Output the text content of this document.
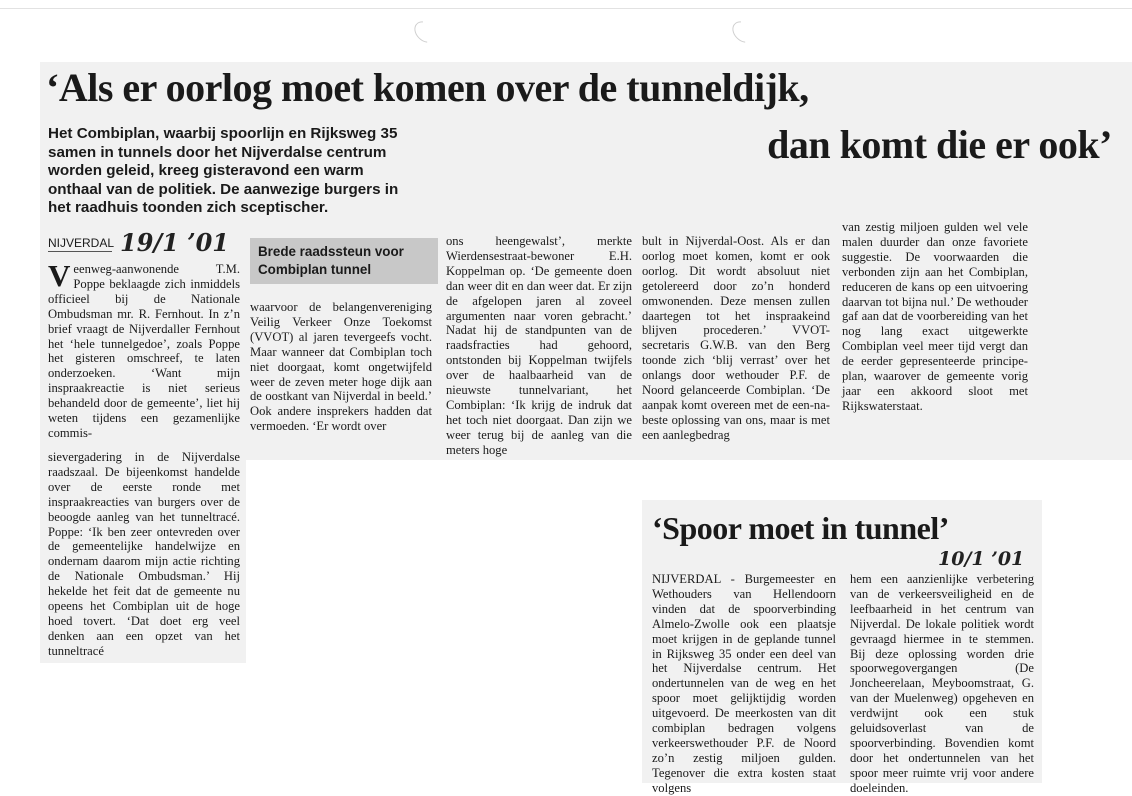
‘Als er oorlog moet komen over de tunneldijk,
dan komt die er ook’
Het Combiplan, waarbij spoorlijn en Rijksweg 35 samen in tunnels door het Nijverdalse centrum worden geleid, kreeg gisteravond een warm onthaal van de politiek. De aanwezige burgers in het raadhuis toonden zich sceptischer.
NIJVERDAL 19/1 ’01
Veenweg-aanwonende T.M. Poppe beklaagde zich inmiddels officieel bij de Nationale Ombudsman mr. R. Fernhout. In z’n brief vraagt de Nijverdaller Fernhout het ‘hele tunnelgedoe’, zoals Poppe het gisteren omschreef, te laten onderzoeken. ‘Want mijn inspraakreactie is niet serieus behandeld door de gemeente’, liet hij weten tijdens een gezamenlijke commis-
sievergadering in de Nijverdalse raadszaal. De bijeenkomst handelde over de eerste ronde met inspraakreacties van burgers over de beoogde aanleg van het tunneltracé. Poppe: ‘Ik ben zeer ontevreden over de gemeentelijke handelwijze en ondernam daarom mijn actie richting de Nationale Ombudsman.’ Hij hekelde het feit dat de gemeente nu opeens het Combiplan uit de hoge hoed tovert. ‘Dat doet erg veel denken aan een opzet van het tunneltracé
Brede raadssteun voor Combiplan tunnel
waarvoor de belangenvereniging Veilig Verkeer Onze Toekomst (VVOT) al jaren tevergeefs vocht. Maar wanneer dat Combiplan toch niet doorgaat, komt ongetwijfeld weer de zeven meter hoge dijk aan de oostkant van Nijverdal in beeld.’ Ook andere insprekers hadden dat vermoeden. ‘Er wordt over
ons heengewalst’, merkte Wierdensestraat-bewoner E.H. Koppelman op. ‘De gemeente doen dan weer dit en dan weer dat. Er zijn de afgelopen jaren al zoveel argumenten naar voren gebracht.’ Nadat hij de standpunten van de raadsfracties had gehoord, ontstonden bij Koppelman twijfels over de haalbaarheid van de nieuwste tunnelvariant, het Combiplan: ‘Ik krijg de indruk dat het toch niet doorgaat. Dan zijn we weer terug bij de aanleg van die meters hoge
bult in Nijverdal-Oost. Als er dan oorlog moet komen, komt er ook oorlog. Dit wordt absoluut niet getolereerd door zo’n honderd omwonenden. Deze mensen zullen daartegen tot het inspraakeind blijven procederen.’ VVOT-secretaris G.W.B. van den Berg toonde zich ‘blij verrast’ over het onlangs door wethouder P.F. de Noord gelanceerde Combiplan. ‘De aanpak komt overeen met de een-na-beste oplossing van ons, maar is met een aanlegbedrag
van zestig miljoen gulden wel vele malen duurder dan onze favoriete suggestie. De voorwaarden die verbonden zijn aan het Combiplan, reduceren de kans op een uitvoering daarvan tot bijna nul.’ De wethouder gaf aan dat de voorbereiding van het nog lang exact uitgewerkte Combiplan veel meer tijd vergt dan de eerder gepresenteerde principe-plan, waarover de gemeente vorig jaar een akkoord sloot met Rijkswaterstaat.
‘Spoor moet in tunnel’
10/1 ’01
NIJVERDAL - Burgemeester en Wethouders van Hellendoorn vinden dat de spoorverbinding Almelo-Zwolle ook een plaatsje moet krijgen in de geplande tunnel in Rijksweg 35 onder een deel van het Nijverdalse centrum. Het ondertunnelen van de weg en het spoor moet gelijktijdig worden uitgevoerd. De meerkosten van dit combiplan bedragen volgens verkeerswethouder P.F. de Noord zo’n zestig miljoen gulden. Tegenover die extra kosten staat volgens
hem een aanzienlijke verbetering van de verkeersveiligheid en de leefbaarheid in het centrum van Nijverdal. De lokale politiek wordt gevraagd hiermee in te stemmen. Bij deze oplossing worden drie spoorwegovergangen (De Joncheerelaan, Meyboomstraat, G. van der Muelenweg) opgeheven en verdwijnt ook een stuk geluidsoverlast van de spoorverbinding. Bovendien komt door het ondertunnelen van het spoor meer ruimte vrij voor andere doeleinden.
